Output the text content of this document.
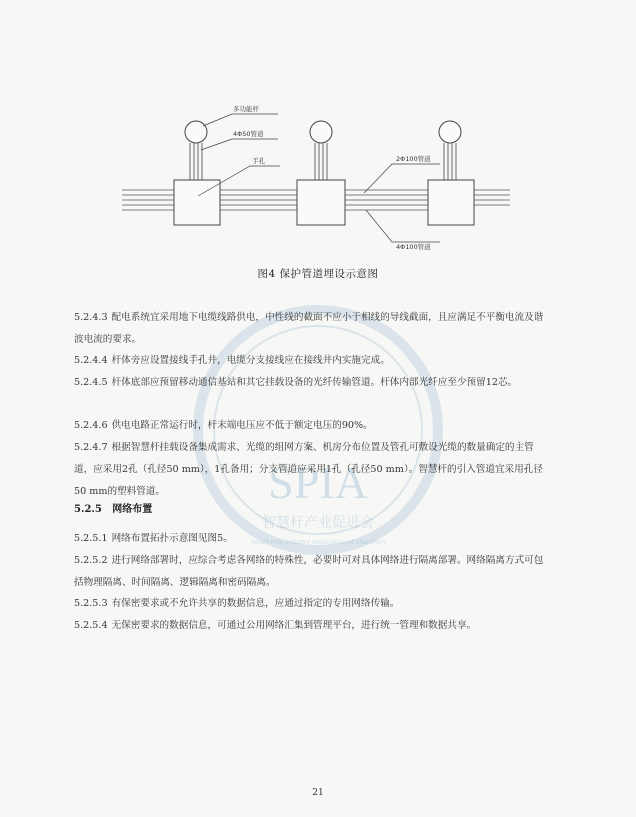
多功能杆
4Φ50管道
手孔	2Φ100管道
4Φ100管道
SPIA
智慧杆产业促进会
Smart Pole Industry Association of Shenzhen
图4 保护管道埋设示意图
5.2.4.3 配电系统宜采用地下电缆线路供电，中性线的截面不应小于相线的导线截面，且应满足不平衡电流及谐波电流的要求。
5.2.4.4 杆体旁应设置接线手孔井，电缆分支接线应在接线井内实施完成。
5.2.4.5 杆体底部应预留移动通信基站和其它挂载设备的光纤传输管道。杆体内部光纤应至少预留12芯。
5.2.4.6 供电电路正常运行时，杆末端电压应不低于额定电压的90%。
5.2.4.7 根据智慧杆挂载设备集成需求、光缆的组网方案、机房分布位置及管孔可敷设光缆的数量确定的主管道，应采用2孔（孔径50 mm），1孔备用；分支管道应采用1孔（孔径50 mm）。智慧杆的引入管道宜采用孔径50 mm的塑料管道。
5.2.5 网络布置
5.2.5.1 网络布置拓扑示意图见图5。
5.2.5.2 进行网络部署时，应综合考虑各网络的特殊性，必要时可对具体网络进行隔离部署。网络隔离方式可包括物理隔离、时间隔离、逻辑隔离和密码隔离。
5.2.5.3 有保密要求或不允许共享的数据信息，应通过指定的专用网络传输。
5.2.5.4 无保密要求的数据信息，可通过公用网络汇集到管理平台，进行统一管理和数据共享。
21
